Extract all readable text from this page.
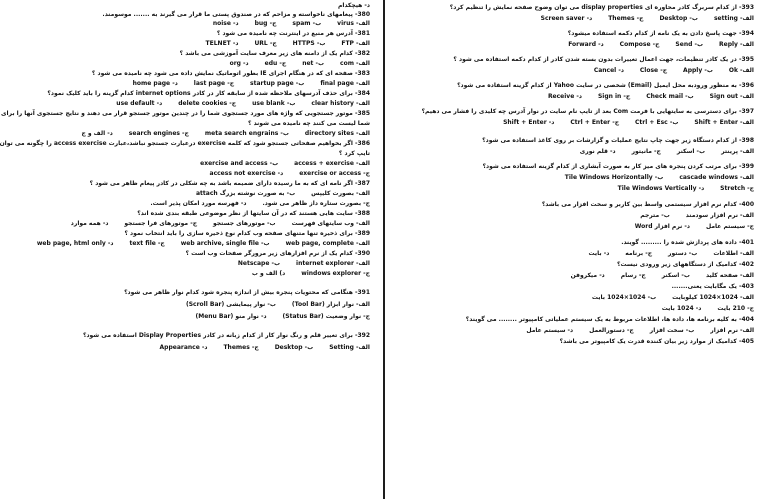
د- هیچکدام
380- پیغامهای ناخواسته و مزاحم که در صندوق پستی ما قرار می گیرند به ....... موسومند.
الف- virusب- spamج- bugد- noise
381- آدرس هر منبع در اینترنت چه نامیده می شود ؟
الف- FTPب- HTTPSج- URLد- TELNET
382- کدام یک از دامنه های زیر معرف سایت آموزشی می باشد ؟
الف- comب- netج- eduد- org
383- صفحه ای که در هنگام اجرای IE بطور اتوماتیک نمایش داده می شود چه نامیده می شود ؟
الف- final pageب- startup pageج- last pageد- home page
384- برای حذف آدرسهای ملاحظه شده از سابقه کار در کادر internet options کدام گزینه را باید کلیک نمود؟
الف- clear historyب- use blankج- delete cookiesد- use default
385- موتور جستجویی که واژه های مورد جستجوی شما را در چندین موتور جستجو قرار می دهند و نتایج جستجوی آنها را برای
شما لیست می کنند چه نامیده می شوند ؟
الف- directory sitesب- meta search engrainsج- search enginesد- الف و ج
386- اگر بخواهیم صفحاتی جستجو شود که کلمه exercise درعبارت جستجو نباشد،عبارت access exercise را چگونه می توان
تایپ کرد ؟
الف- access + exerciseب- exercise and access
ج- exercise or accessد- access not exercise
387- اگر نامه ای که به ما رسیده دارای ضمیمه باشد به چه شکلی در کادر پیغام ظاهر می شود ؟
الف- بصورت کلیپسب- به صورت نوشته بزرگ attach
ج- بصورت ستاره داز ظاهر می شود.د- فهرسه مورد امکان پذیر است.
388- سایت هایی هستند که در آن سایتها از نظر موضوعی طبقه بندی شده اند؟
الف- وب سایتهای فهرستب- موتورهای جستجوج- موتورهای فرا جستجود- همه موارد
389- برای ذخیره تنها متنهای صفحه وب کدام نوع ذخیره سازی را باید انتخاب نمود ؟
الف- web page, completeب- web archive, single fileج- text fileد- web page, html only
390- کدام یک از نرم افزارهای زیر مرورگر صفحات وب است ؟
الف- internet explorerب- Netscape
ج- windows explorerد) الف و ب
391- هنگامی که محتویات پنجره بیش از اندازه پنجره شود کدام نوار ظاهر می شود؟
الف- نوار ابزار (Tool Bar)ب- نوار پیمایشی (Scroll Bar)
ج- نوار وضعیت (Status Bar)د- نوار منو (Menu Bar)
392- برای تغییر قلم و رنگ نوار کار از کدام زبانه در کادر Display Properties استفاده می شود؟
الف- Settingب- Desktopج- Themesد- Appearance
393- از کدام سربرگ کادر محاوره ای display properties می توان وضوح صفحه نمایش را تنظیم کرد؟
الف- settingب- Desktopج- Themesد- Screen saver
394- جهت پاسخ دادن به یک نامه از کدام دکمه استفاده میشود؟
الف- Replyب- Sendج- Composeد- Forward
395- در یک کادر تنظیمات، جهت اعمال تغییرات بدون بسته شدن کادر از کدام دکمه استفاده می شود ؟
الف- Okب- Applyج- Closeد- Cancel
396- به منظور ورودبه محل ایمیل (Email) شخصی در سایت Yahoo از کدام گزینه استفاده می شود؟
الف- Sign outب- Check mailج- Sign inد- Receive
397- برای دسترسی به سایتهایی با فرمت Com بعد از تایپ نام سایت در نوار آدرس چه کلیدی را فشار می دهیم؟
الف- Shift + Enterب- Ctrl + Escج- Ctrl + Enterد- Shift + Enter
398- از کدام دستگاه زیر جهت چاپ نتایج عملیات و گزارشات بر روی کاغذ استفاده می شود؟
الف- پرینترب- اسکنرج- مانیتورد- قلم نوری
399- برای مرتب کردن پنجره های میز کار به صورت آبشاری از کدام گزینه استفاده می شود؟
الف- cascade windowsب- Tile Windows Horizontally
ج- Stretchد- Tile Windows Vertically
400- کدام نرم افزار سیستمی واسط بین کاربر و سخت افزار می باشد؟
الف- نرم افزار سودمندب- مترجم
ج- سیستم عاملد- نرم افزار Word
401- داده های پردازش شده را ......... گویند.
الف- اطلاعاتب- دستورج- برنامهد- بایت
402- کدامیک از دستگاههای زیر ورودی نیست؟
الف- صفحه کلیدب- اسکنرج- رسامد- میکروفن
403- یک مگابایت یعنی.......
الف- 1024×1024 کیلوبایتب- 1024×1024 بایت
ج- 210 بایتد- 1024 بایت
404- به کلیه برنامه ها، داده ها، اطلاعات مربوط به یک سیستم عملیاتی کامپیوتر ........ می گویند؟
الف- نرم افزارب- سخت افزارج- دستورالعملد- سیستم عامل
405- کدامیک از موارد زیر بیان کننده قدرت یک کامپیوتر می باشد؟
